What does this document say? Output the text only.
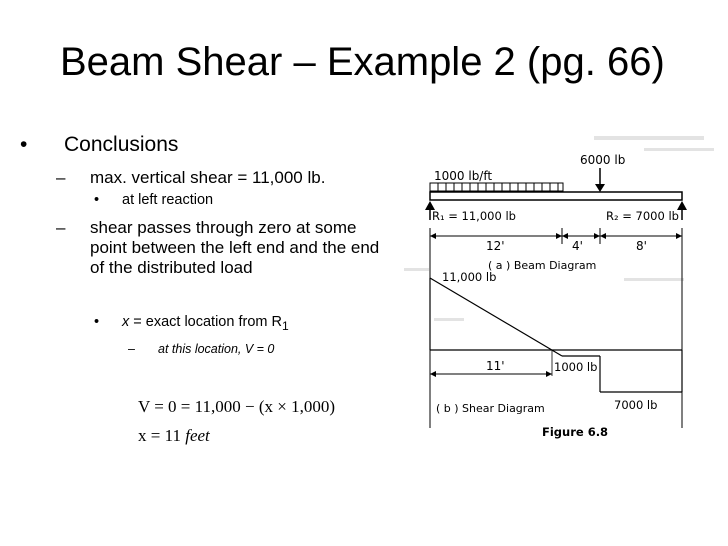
Beam Shear – Example 2 (pg. 66)
• Conclusions
– max. vertical shear = 11,000 lb.
• at left reaction
– shear passes through zero at some point between the left end and the end of the distributed load
• x = exact location from $R_1$
– at this location, V = 0
V = 0 = 11,000 − (x × 1,000)
x = 11 feet
1000 lb/ft
6000 lb
R₁ = 11,000 lb	R₂ = 7000 lb
12'	4'	8'
( a ) Beam Diagram
11,000 lb
11'	1000 lb
( b ) Shear Diagram	7000 lb
Figure 6.8
